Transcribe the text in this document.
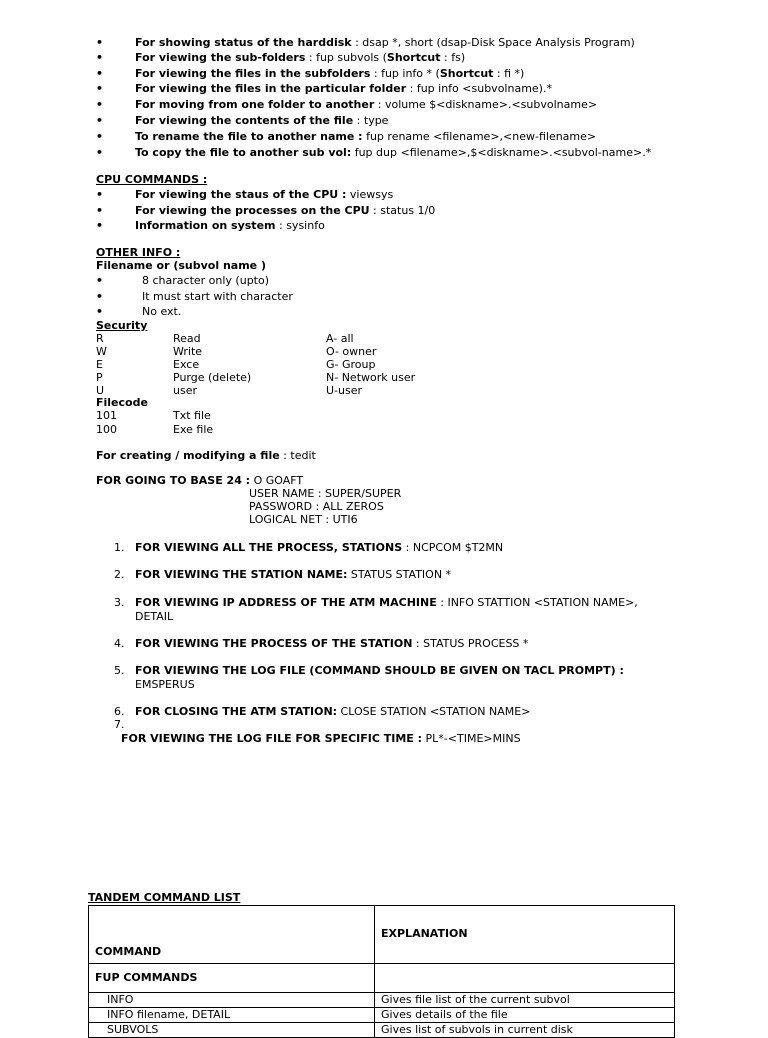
•	For showing status of the harddisk : dsap *, short (dsap-Disk Space Analysis Program)
•	For viewing the sub-folders : fup subvols (Shortcut : fs)
•	For viewing the files in the subfolders : fup info * (Shortcut : fi *)
•	For viewing the files in the particular folder : fup info <subvolname).*
•	For moving from one folder to another : volume $<diskname>.<subvolname>
•	For viewing the contents of the file : type
•	To rename the file to another name : fup rename <filename>,<new-filename>
•	To copy the file to another sub vol: fup dup <filename>,$<diskname>.<subvol-name>.*
CPU COMMANDS :
•	For viewing the staus of the CPU : viewsys
•	For viewing the processes on the CPU : status 1/0
•	Information on system : sysinfo
OTHER INFO :
Filename or (subvol name )
•	8 character only (upto)
•	It must start with character
•	No ext.
Security
R	Read	A- all
W	Write	O- owner
E	Exce	G- Group
P	Purge (delete)	N- Network user
U	user	U-user
Filecode
101	Txt file
100	Exe file
For creating / modifying a file : tedit
FOR GOING TO BASE 24 : O GOAFT
USER NAME : SUPER/SUPER
PASSWORD : ALL ZEROS
LOGICAL NET : UTI6
1. FOR VIEWING ALL THE PROCESS, STATIONS : NCPCOM $T2MN
2. FOR VIEWING THE STATION NAME: STATUS STATION *
3. FOR VIEWING IP ADDRESS OF THE ATM MACHINE : INFO STATTION <STATION NAME>,
DETAIL
4. FOR VIEWING THE PROCESS OF THE STATION : STATUS PROCESS *
5. FOR VIEWING THE LOG FILE (COMMAND SHOULD BE GIVEN ON TACL PROMPT) :
EMSPERUS
6. FOR CLOSING THE ATM STATION: CLOSE STATION <STATION NAME>
7.
FOR VIEWING THE LOG FILE FOR SPECIFIC TIME : PL*-<TIME>MINS
TANDEM COMMAND LIST
COMMAND	EXPLANATION
FUP COMMANDS	
INFO	Gives file list of the current subvol
INFO filename, DETAIL	Gives details of the file
SUBVOLS	Gives list of subvols in current disk
